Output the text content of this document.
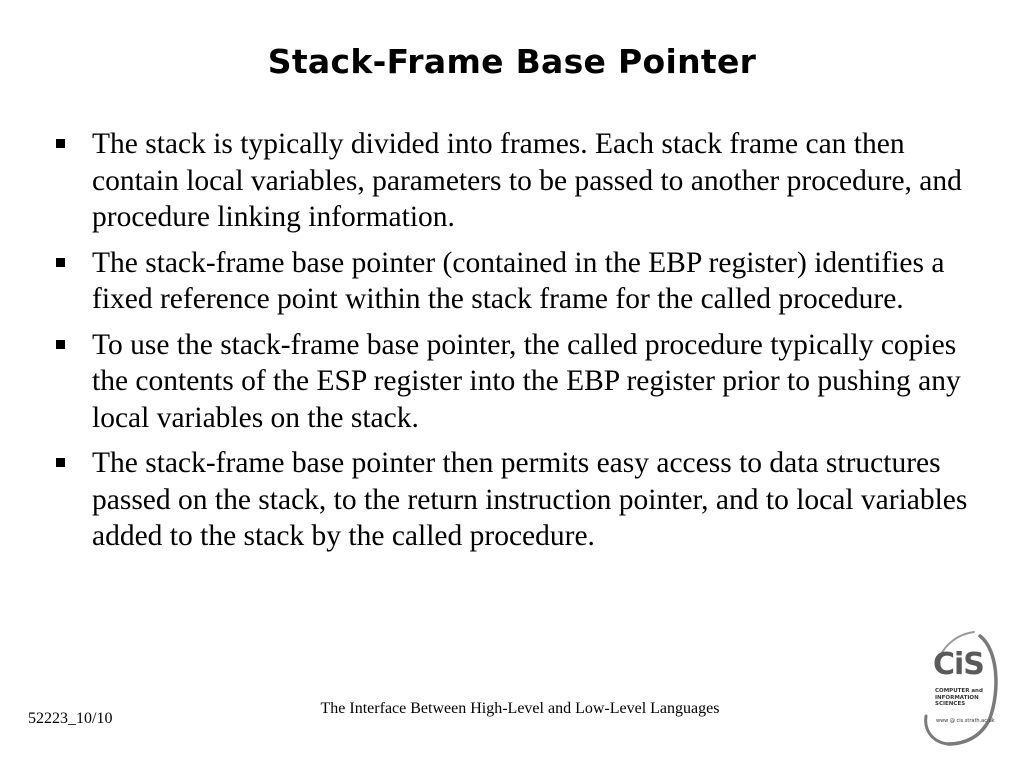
Stack-Frame Base Pointer
The stack is typically divided into frames. Each stack frame can then contain local variables, parameters to be passed to another procedure, and procedure linking information.
The stack-frame base pointer (contained in the EBP register) identifies a fixed reference point within the stack frame for the called procedure.
To use the stack-frame base pointer, the called procedure typically copies the contents of the ESP register into the EBP register prior to pushing any local variables on the stack.
The stack-frame base pointer then permits easy access to data structures passed on the stack, to the return instruction pointer, and to local variables added to the stack by the called procedure.
52223_10/10
The Interface Between High-Level and Low-Level Languages
CiS
COMPUTER and INFORMATION SCIENCES
www @ cis.strath.ac.uk
